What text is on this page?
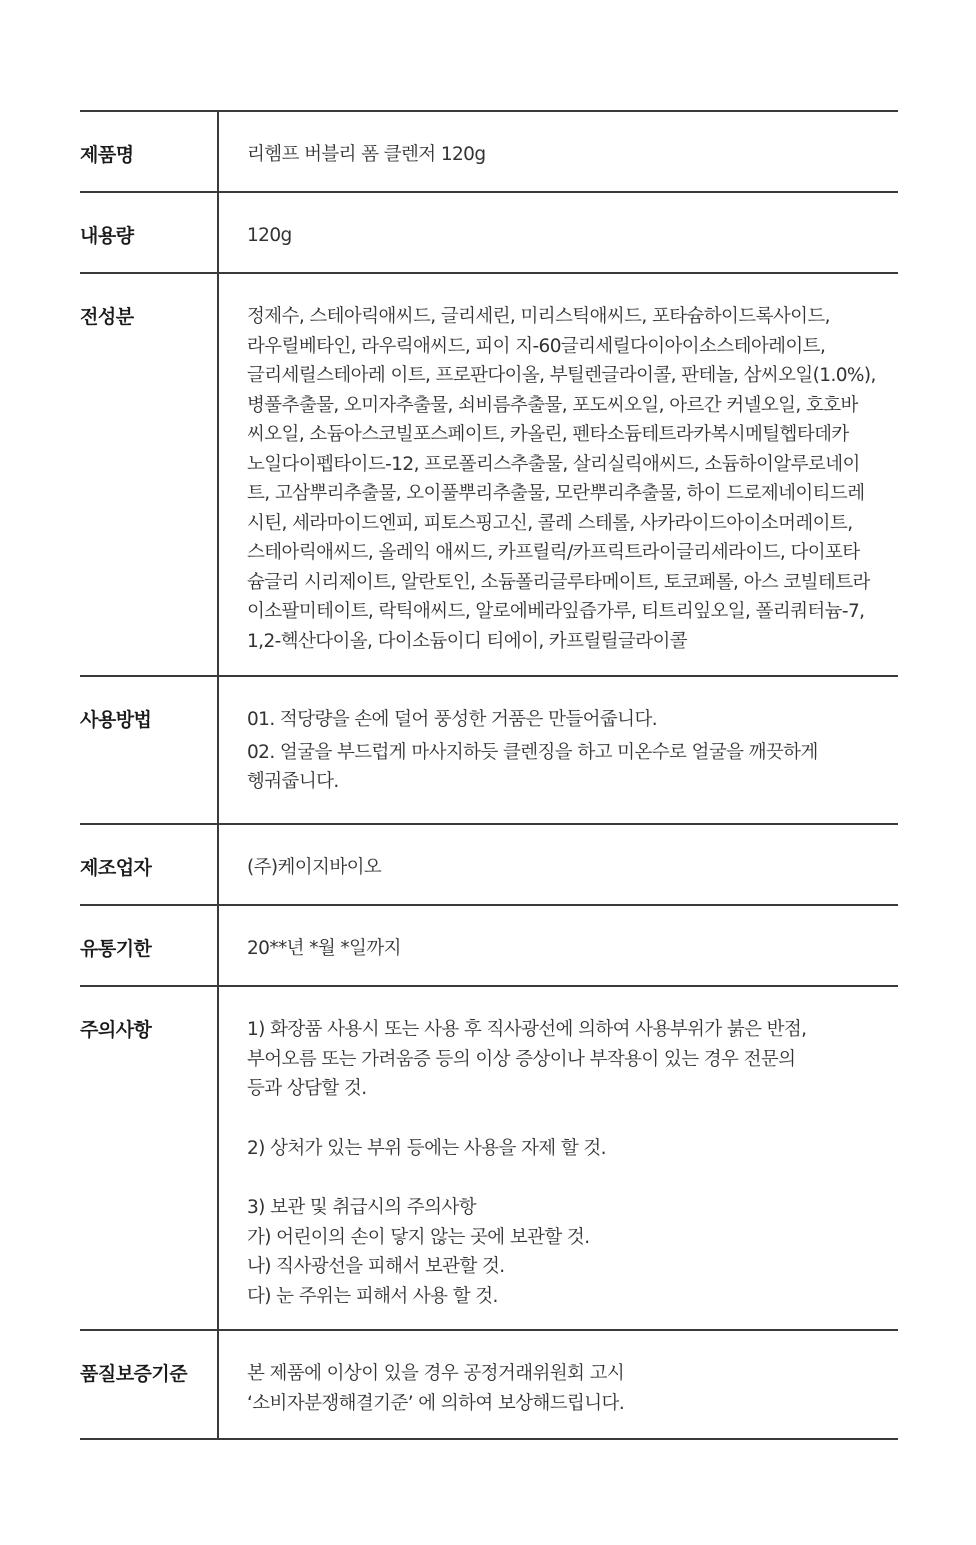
제품명	리헴프 버블리 폼 클렌저 120g
내용량	120g
전성분	정제수, 스테아릭애씨드, 글리세린, 미리스틱애씨드, 포타슘하이드록사이드,
라우릴베타인, 라우릭애씨드, 피이 지-60글리세릴다이아이소스테아레이트,
글리세릴스테아레 이트, 프로판다이올, 부틸렌글라이콜, 판테놀, 삼씨오일(1.0%),
병풀추출물, 오미자추출물, 쇠비름추출물, 포도씨오일, 아르간 커넬오일, 호호바
씨오일, 소듐아스코빌포스페이트, 카올린, 펜타소듐테트라카복시메틸헵타데카
노일다이펩타이드-12, 프로폴리스추출물, 살리실릭애씨드, 소듐하이알루로네이
트, 고삼뿌리추출물, 오이풀뿌리추출물, 모란뿌리추출물, 하이 드로제네이티드레
시틴, 세라마이드엔피, 피토스핑고신, 콜레 스테롤, 사카라이드아이소머레이트,
스테아릭애씨드, 올레익 애씨드, 카프릴릭/카프릭트라이글리세라이드, 다이포타
슘글리 시리제이트, 알란토인, 소듐폴리글루타메이트, 토코페롤, 아스 코빌테트라
이소팔미테이트, 락틱애씨드, 알로에베라잎즙가루, 티트리잎오일, 폴리쿼터늄-7,
1,2-헥산다이올, 다이소듐이디 티에이, 카프릴릴글라이콜
사용방법	01. 적당량을 손에 덜어 풍성한 거품은 만들어줍니다.
02. 얼굴을 부드럽게 마사지하듯 클렌징을 하고 미온수로 얼굴을 깨끗하게
헹궈줍니다.
제조업자	(주)케이지바이오
유통기한	20**년 *월 *일까지
주의사항	1) 화장품 사용시 또는 사용 후 직사광선에 의하여 사용부위가 붉은 반점,
부어오름 또는 가려움증 등의 이상 증상이나 부작용이 있는 경우 전문의
등과 상담할 것.
2) 상처가 있는 부위 등에는 사용을 자제 할 것.
3) 보관 및 취급시의 주의사항
가) 어린이의 손이 닿지 않는 곳에 보관할 것.
나) 직사광선을 피해서 보관할 것.
다) 눈 주위는 피해서 사용 할 것.
품질보증기준	본 제품에 이상이 있을 경우 공정거래위원회 고시
‘소비자분쟁해결기준’ 에 의하여 보상해드립니다.
